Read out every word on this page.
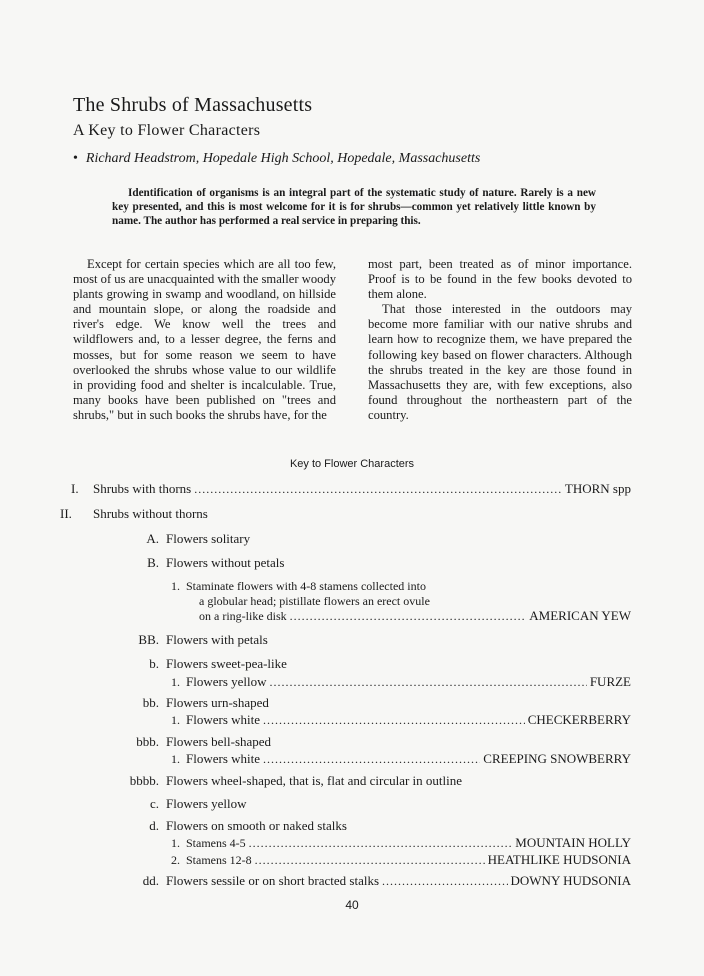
The Shrubs of Massachusetts
A Key to Flower Characters
• Richard Headstrom, Hopedale High School, Hopedale, Massachusetts
Identification of organisms is an integral part of the systematic study of nature. Rarely is a new key presented, and this is most welcome for it is for shrubs—common yet relatively little known by name. The author has performed a real service in preparing this.

Except for certain species which are all too few, most of us are unacquainted with the smaller woody plants growing in swamp and woodland, on hillside and mountain slope, or along the roadside and river's edge. We know well the trees and wildflowers and, to a lesser degree, the ferns and mosses, but for some reason we seem to have overlooked the shrubs whose value to our wildlife in providing food and shelter is incalculable. True, many books have been published on "trees and shrubs," but in such books the shrubs have, for the

most part, been treated as of minor importance. Proof is to be found in the few books devoted to them alone.

That those interested in the outdoors may become more familiar with our native shrubs and learn how to recognize them, we have prepared the following key based on flower characters. Although the shrubs treated in the key are those found in Massachusetts they are, with few exceptions, also found throughout the northeastern part of the country.

Key to Flower Characters
I. Shrubs with thorns . . .	THORN spp
II. Shrubs without thorns
A. Flowers solitary
B. Flowers without petals
1. Staminate flowers with 4-8 stamens collected into
a globular head; pistillate flowers an erect ovule
on a ring-like disk . . .	AMERICAN YEW
BB. Flowers with petals
b. Flowers sweet-pea-like
1. Flowers yellow . . .	FURZE
bb. Flowers urn-shaped
1. Flowers white . . .	CHECKERBERRY
bbb. Flowers bell-shaped
1. Flowers white . . .	CREEPING SNOWBERRY
bbbb. Flowers wheel-shaped, that is, flat and circular in outline
c. Flowers yellow
d. Flowers on smooth or naked stalks
1. Stamens 4-5 . . .	MOUNTAIN HOLLY
2. Stamens 12-8 . . .	HEATHLIKE HUDSONIA
dd. Flowers sessile or on short bracted stalks . . .	DOWNY HUDSONIA
40
